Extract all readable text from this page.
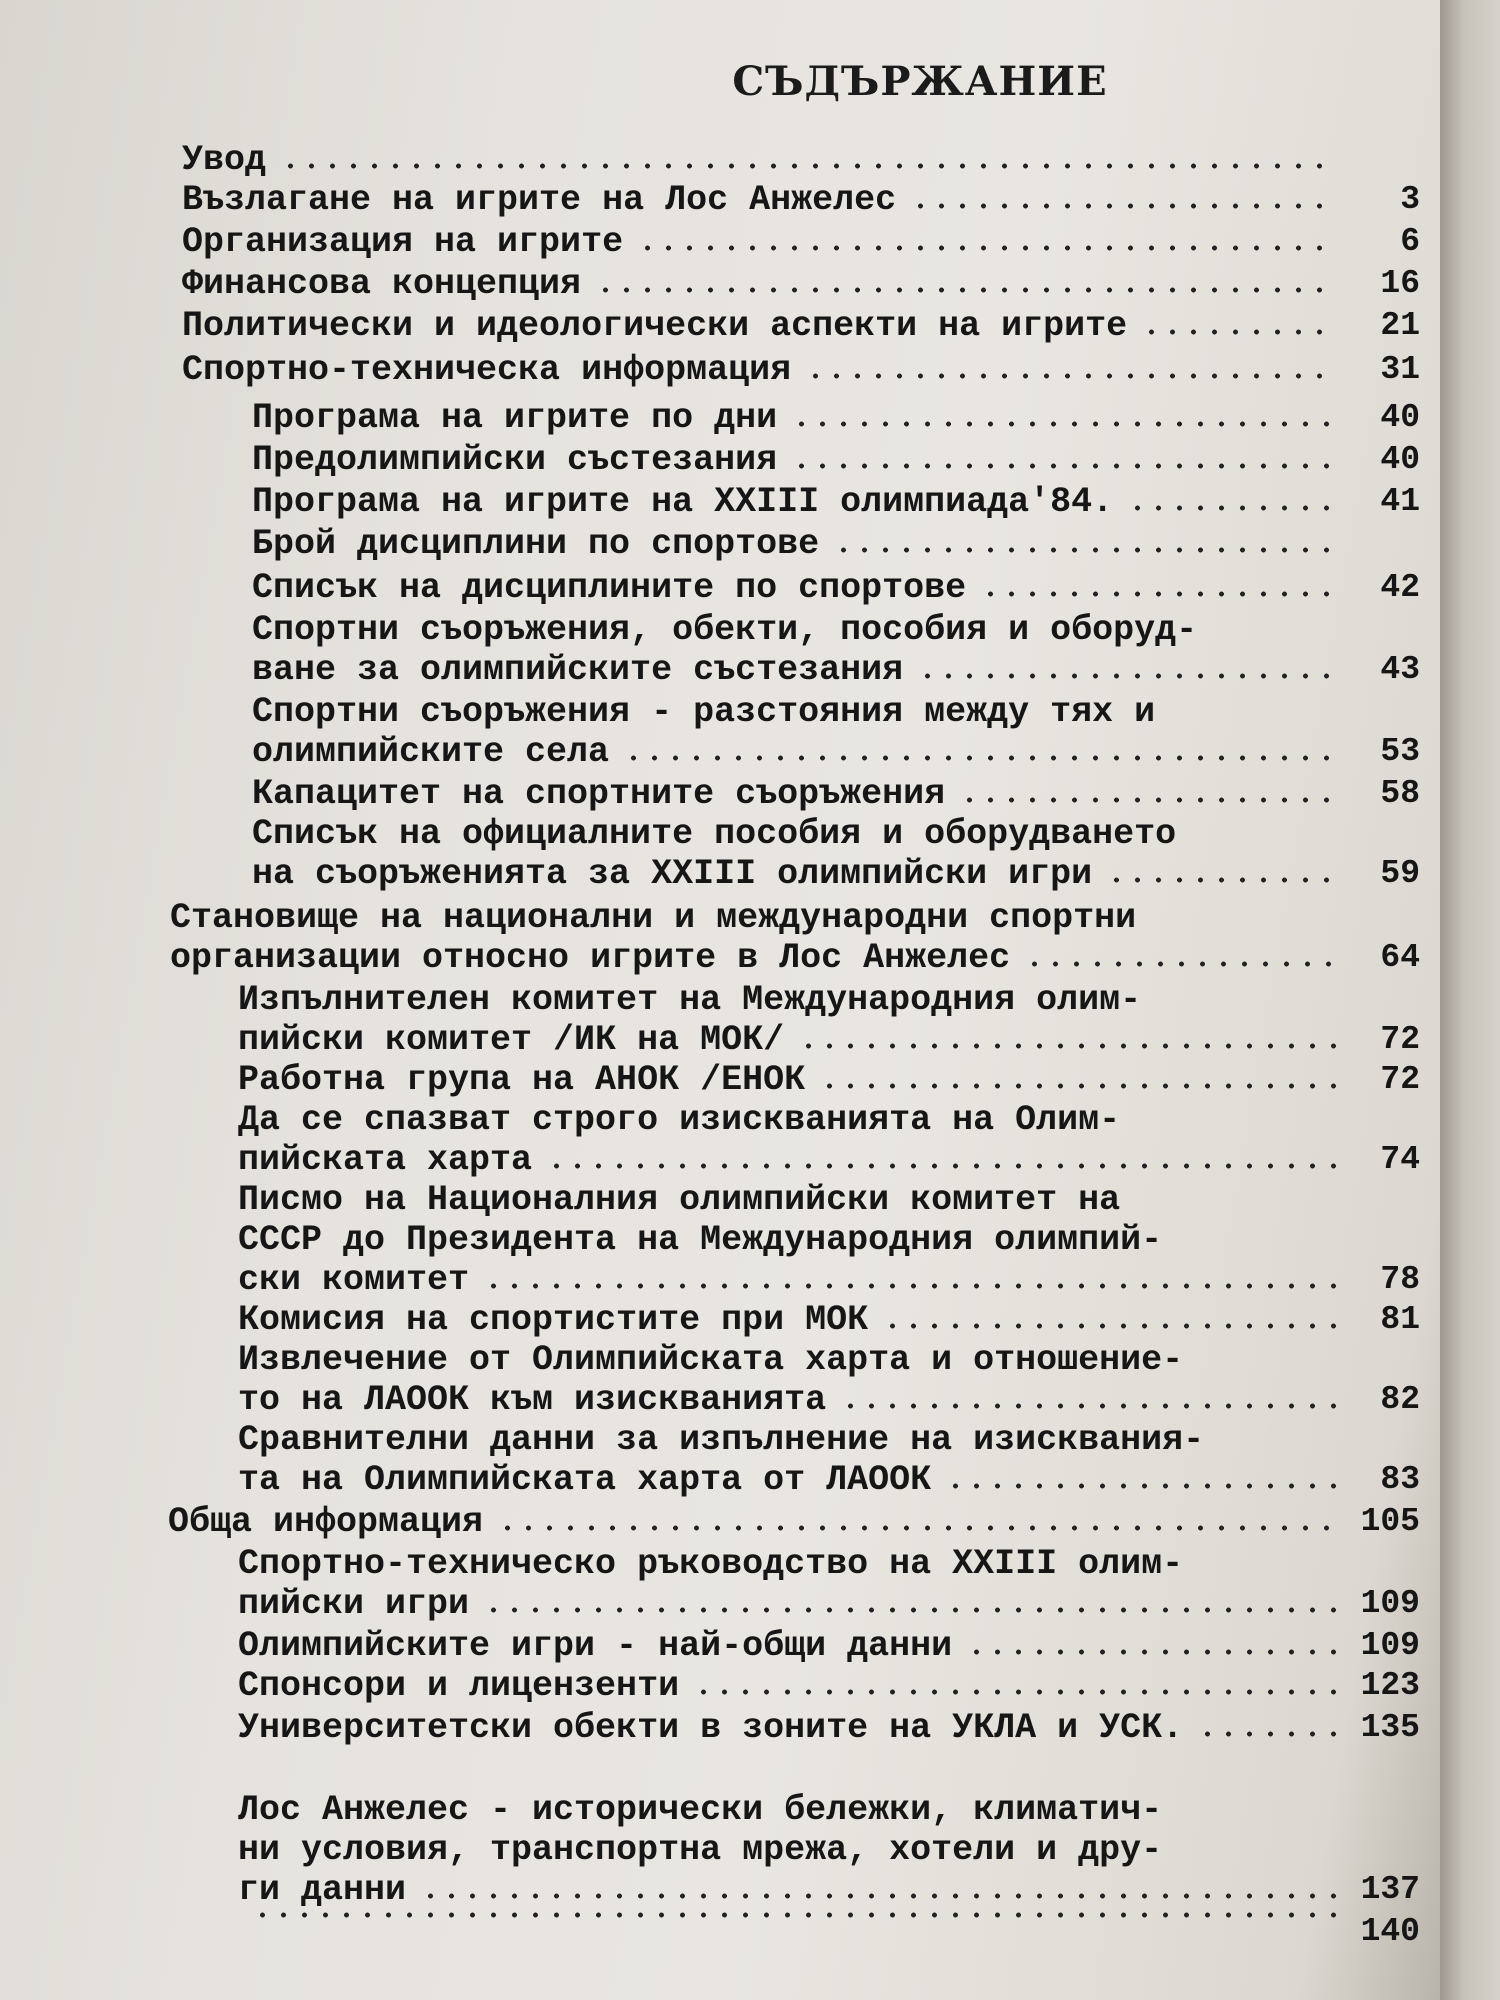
СЪДЪРЖАНИЕ
Увод
Възлагане на игрите на Лос Анжелес	3
Организация на игрите	6
Финансова концепция	16
Политически и идеологически аспекти на игрите	21
Спортно-техническа информация	31
Програма на игрите по дни	40
Предолимпийски състезания	40
Програма на игрите на XXIII олимпиада'84.	41
Брой дисциплини по спортове
Списък на дисциплините по спортове	42
Спортни съоръжения, обекти, пособия и оборуд-
ване за олимпийските състезания	43
Спортни съоръжения - разстояния между тях и
олимпийските села	53
Капацитет на спортните съоръжения	58
Списък на официалните пособия и оборудването
на съоръженията за XXIII олимпийски игри	59
Становище на национални и международни спортни
организации относно игрите в Лос Анжелес	64
Изпълнителен комитет на Международния олим-
пийски комитет /ИК на МОК/	72
Работна група на АНОК /ЕНОК	72
Да се спазват строго изискванията на Олим-
пийската харта	74
Писмо на Националния олимпийски комитет на
СССР до Президента на Международния олимпий-
ски комитет	78
Комисия на спортистите при МОК	81
Извлечение от Олимпийската харта и отношение-
то на ЛАООК към изискванията	82
Сравнителни данни за изпълнение на изисквания-
та на Олимпийската харта от ЛАООК	83
Обща информация	105
Спортно-техническо ръководство на XXIII олим-
пийски игри	109
Олимпийските игри - най-общи данни	109
Спонсори и лицензенти	123
Университетски обекти в зоните на УКЛА и УСК.	135
Лос Анжелес - исторически бележки, климатич-
ни условия, транспортна мрежа, хотели и дру-
ги данни	137
140
